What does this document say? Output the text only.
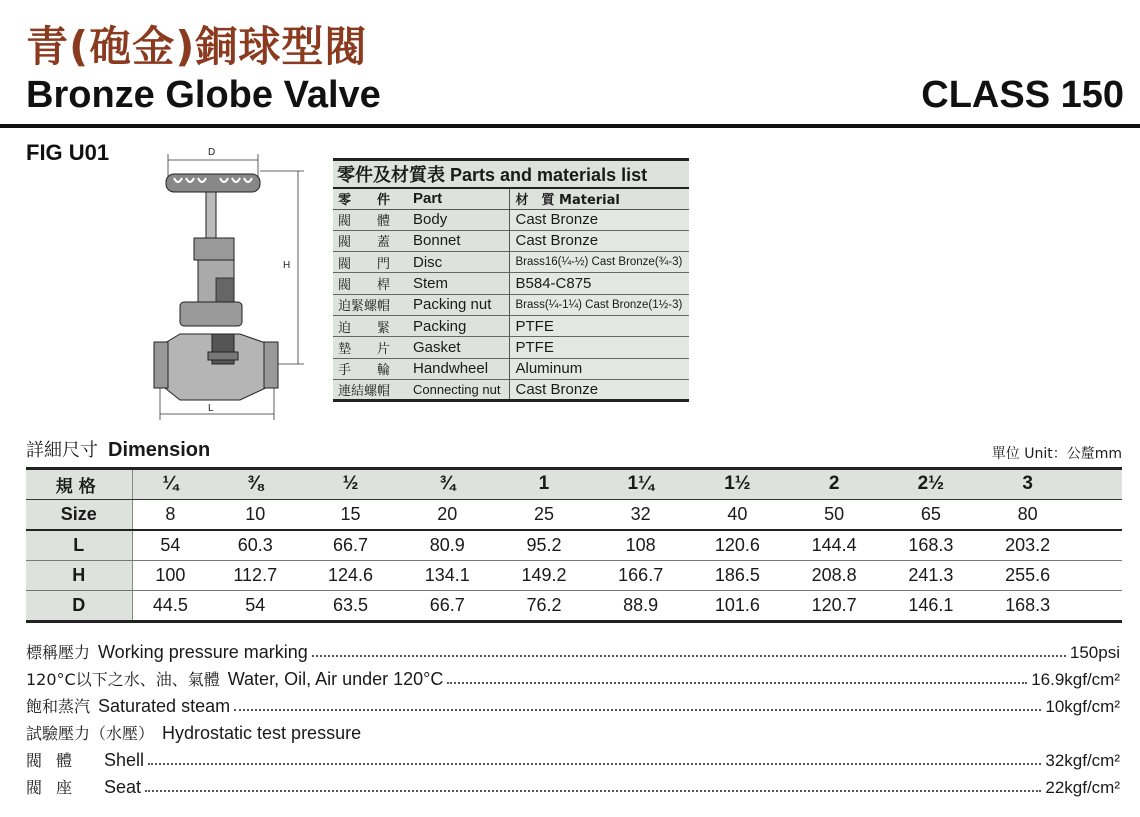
青(砲金)銅球型閥
Bronze Globe Valve	CLASS 150
FIG U01	D
H
L
零件及材質表 Parts and materials list		
零　　件	Part	材　質 Material
閥　　體	Body	Cast Bronze
閥　　蓋	Bonnet	Cast Bronze
閥　　門	Disc	Brass16(¼-½) Cast Bronze(¾-3)
閥　　桿	Stem	B584-C875
迫緊螺帽	Packing nut	Brass(¼-1¼) Cast Bronze(1½-3)
迫　　緊	Packing	PTFE
墊　　片	Gasket	PTFE
手　　輪	Handwheel	Aluminum
連結螺帽	Connecting nut	Cast Bronze
詳細尺寸 Dimension	單位 Unit：公釐mm
規格	¼	⅜	½	¾	1	1¼	1½	2	2½	3	
Size	8	10	15	20	25	32	40	50	65	80	
L	54	60.3	66.7	80.9	95.2	108	120.6	144.4	168.3	203.2	
H	100	112.7	124.6	134.1	149.2	166.7	186.5	208.8	241.3	255.6	
D	44.5	54	63.5	66.7	76.2	88.9	101.6	120.7	146.1	168.3	
標稱壓力 Working pressure marking	150psi
120°C以下之水、油、氣體 Water, Oil, Air under 120°C	16.9kgf/cm²
飽和蒸汽 Saturated steam	10kgf/cm²
試驗壓力（水壓） Hydrostatic test pressure
閥體 Shell	32kgf/cm²
閥座 Seat	22kgf/cm²
